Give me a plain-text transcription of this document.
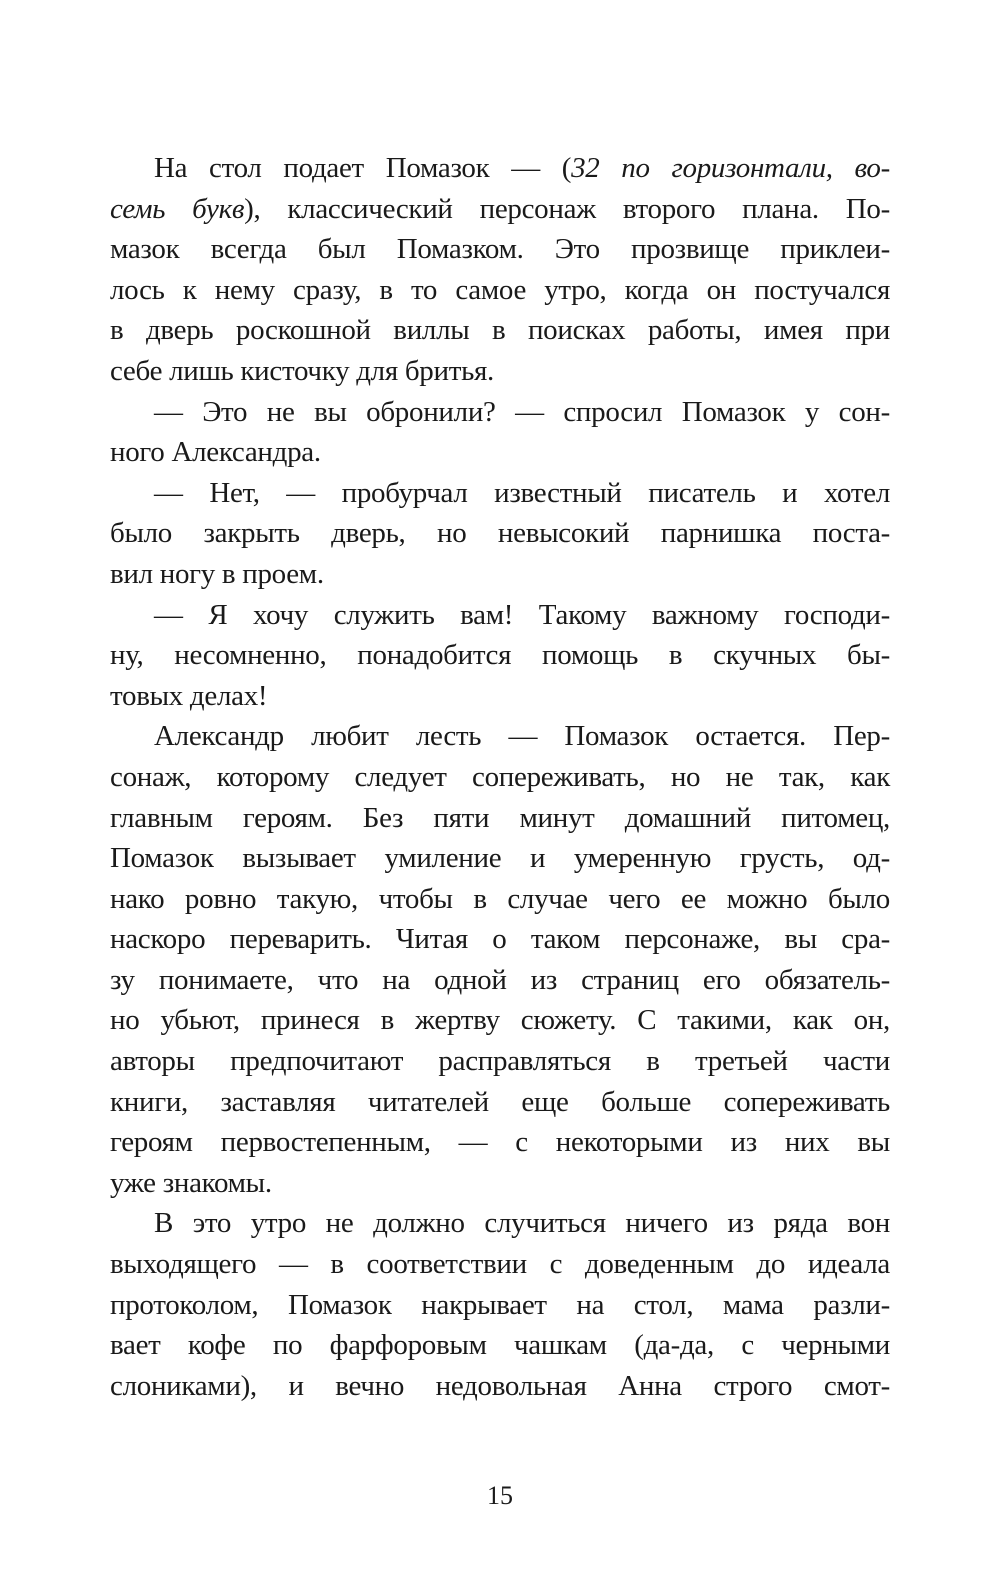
На стол подает Помазок — (32 по горизонтали, во-
семь букв), классический персонаж второго плана. По-
мазок всегда был Помазком. Это прозвище приклеи-
лось к нему сразу, в то самое утро, когда он постучался
в дверь роскошной виллы в поисках работы, имея при
себе лишь кисточку для бритья.
— Это не вы обронили? — спросил Помазок у сон-
ного Александра.
— Нет, — пробурчал известный писатель и хотел
было закрыть дверь, но невысокий парнишка поста-
вил ногу в проем.
— Я хочу служить вам! Такому важному господи-
ну, несомненно, понадобится помощь в скучных бы-
товых делах!
Александр любит лесть — Помазок остается. Пер-
сонаж, которому следует сопереживать, но не так, как
главным героям. Без пяти минут домашний питомец,
Помазок вызывает умиление и умеренную грусть, од-
нако ровно такую, чтобы в случае чего ее можно было
наскоро переварить. Читая о таком персонаже, вы сра-
зу понимаете, что на одной из страниц его обязатель-
но убьют, принеся в жертву сюжету. С такими, как он,
авторы предпочитают расправляться в третьей части
книги, заставляя читателей еще больше сопереживать
героям первостепенным, — с некоторыми из них вы
уже знакомы.
В это утро не должно случиться ничего из ряда вон
выходящего — в соответствии с доведенным до идеала
протоколом, Помазок накрывает на стол, мама разли-
вает кофе по фарфоровым чашкам (да-да, с черными
слониками), и вечно недовольная Анна строго смот-
15
